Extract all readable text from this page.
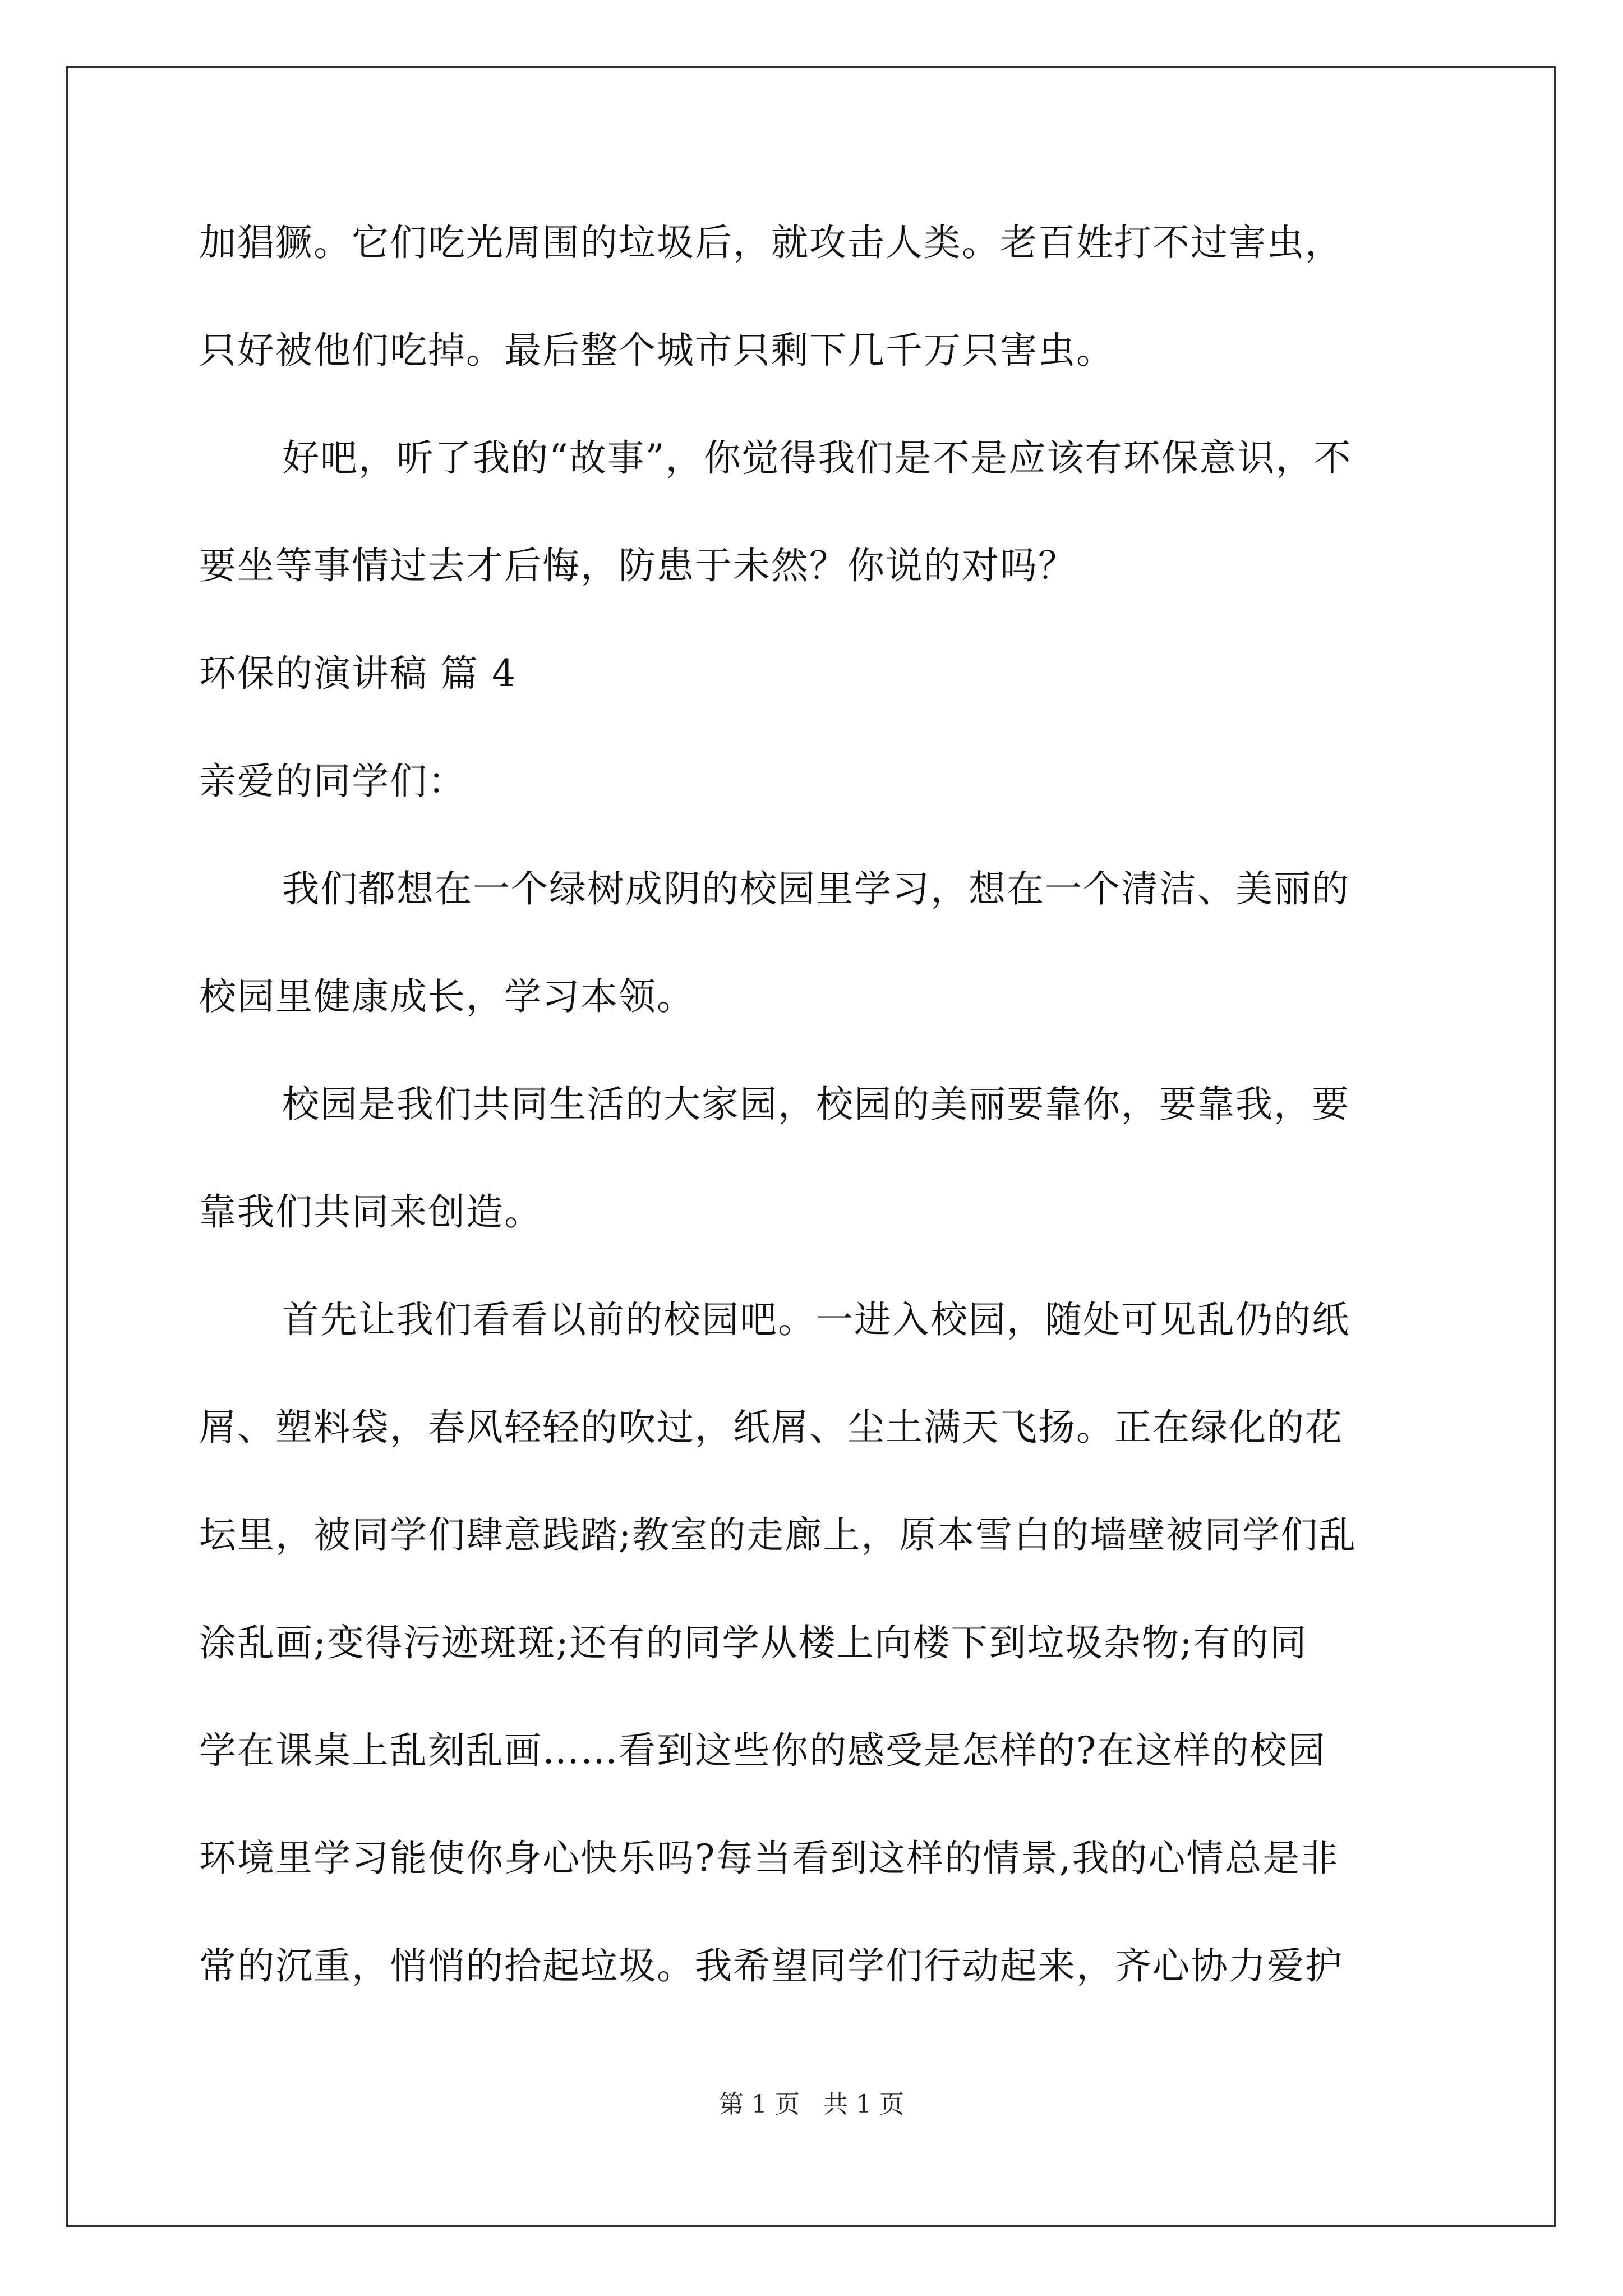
加猖獗。它们吃光周围的垃圾后，就攻击人类。老百姓打不过害虫，
只好被他们吃掉。最后整个城市只剩下几千万只害虫。
好吧，听了我的“故事”，你觉得我们是不是应该有环保意识，不
要坐等事情过去才后悔，防患于未然？你说的对吗？
环保的演讲稿 篇 4
亲爱的同学们：
我们都想在一个绿树成阴的校园里学习，想在一个清洁、美丽的
校园里健康成长，学习本领。
校园是我们共同生活的大家园，校园的美丽要靠你，要靠我，要
靠我们共同来创造。
首先让我们看看以前的校园吧。一进入校园，随处可见乱仍的纸
屑、塑料袋，春风轻轻的吹过，纸屑、尘土满天飞扬。正在绿化的花
坛里，被同学们肆意践踏;教室的走廊上，原本雪白的墙壁被同学们乱
涂乱画;变得污迹斑斑;还有的同学从楼上向楼下到垃圾杂物;有的同
学在课桌上乱刻乱画……看到这些你的感受是怎样的?在这样的校园
环境里学习能使你身心快乐吗?每当看到这样的情景,我的心情总是非
常的沉重，悄悄的拾起垃圾。我希望同学们行动起来，齐心协力爱护
第 1 页 共 1 页
